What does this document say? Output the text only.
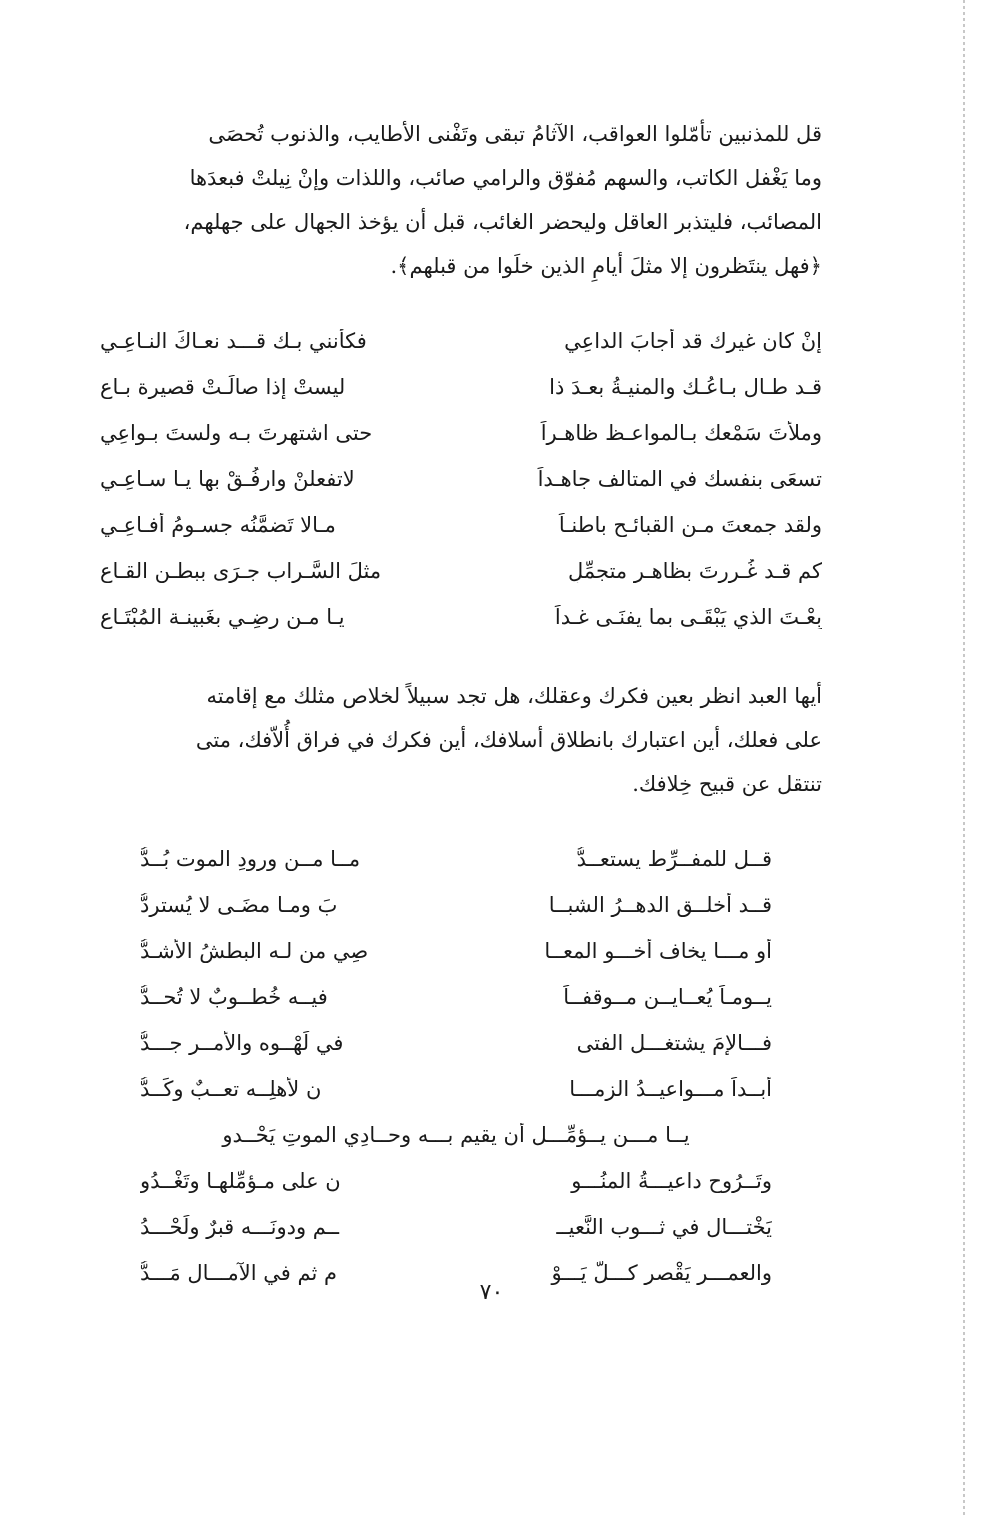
قل للمذنبين تأمّلوا العواقب، الآثامُ تبقى وتَفْنى الأطايب، والذنوب تُحصَى

وما يَغْفل الكاتب، والسهم مُفوّق والرامي صائب، واللذات وإنْ نِيلتْ فبعدَها

المصائب، فليتذبر العاقل وليحضر الغائب، قبل أن يؤخذ الجهال على جهلهم،

﴿فهل ينتَظرون إلا مثلَ أيامِ الذين خلَوا من قبلهم﴾.

إنْ كان غيرك قد أجابَ الداعِي
فكأنني بـك قـــد نعـاكَ النـاعِـي
قـد طـال بـاعُـك والمنيـةُ بعـدَ ذا
ليستْ إذا صالَـتْ قصيرة بـاعِ
وملأتَ سَمْعك بـالمواعـظ ظاهـراً
حتى اشتهرتَ بـه ولستَ بـواعِي
تسعَى بنفسك في المتالف جاهـداً
لاتفعلنْ وارفُـقْ بها يـا سـاعِـي
ولقد جمعتَ مـن القبائـح باطنـاً
مـالا تَضمَّنُه جسـومُ أفـاعِـي
كم قـد غُـررتَ بظاهـرٍ متجمِّلٍ
مثلَ السَّـراب جـرَى ببطـن القـاعِ
بِعْـتَ الذي يَبْقَـى بما يفنَـى غـداً
يـا مـن رضِـي بغَبينـة المُبْتَـاعِ

أيها العبد انظر بعين فكرك وعقلك، هل تجد سبيلاً لخلاص مثلك مع إقامته

على فعلك، أين اعتبارك بانطلاق أسلافك، أين فكرك في فراق أُلاّفك، متى

تنتقل عن قبيح خِلافك.

قــل للمفــرِّط يستعــدُّ
مــا مــن ورودِ الموت بُــدُّ
قــد أخلــق الدهــرُ الشبــا
بَ ومـا مضَـى لا يُستردُّ
أو مـــا يخاف أخـــو المعــا
صِي من لـه البطشُ الأشـدُّ
يــومـاً يُعــايــن مــوقفــاً
فيــه خُطــوبٌ لا تُحــدُّ
فـــالإمَ يشتغـــل الفتى
في لَهْــوه والأمــر جـــدُّ
أبــداً مـــواعيــدُ الزمـــا
نِ لأهلِــه تعــبٌ وكَــدُّ
يــا مـــن يــؤمِّـــل أن يقيم بـــه وحــادِي الموتِ يَحْــدو
وتَــرُوح داعيـــةُ المنُـــو
نِ على مـؤمِّلهـا وتَغْــدُو
يَخْتـــال في ثـــوب النَّعيــ
ــم ودونَـــه قبرٌ ولَحْـــدُ
والعمـــر يَقْصر كـــلَّ يَـــوْ
مٍ ثم في الآمـــال مَـــدُّ
٧٠
